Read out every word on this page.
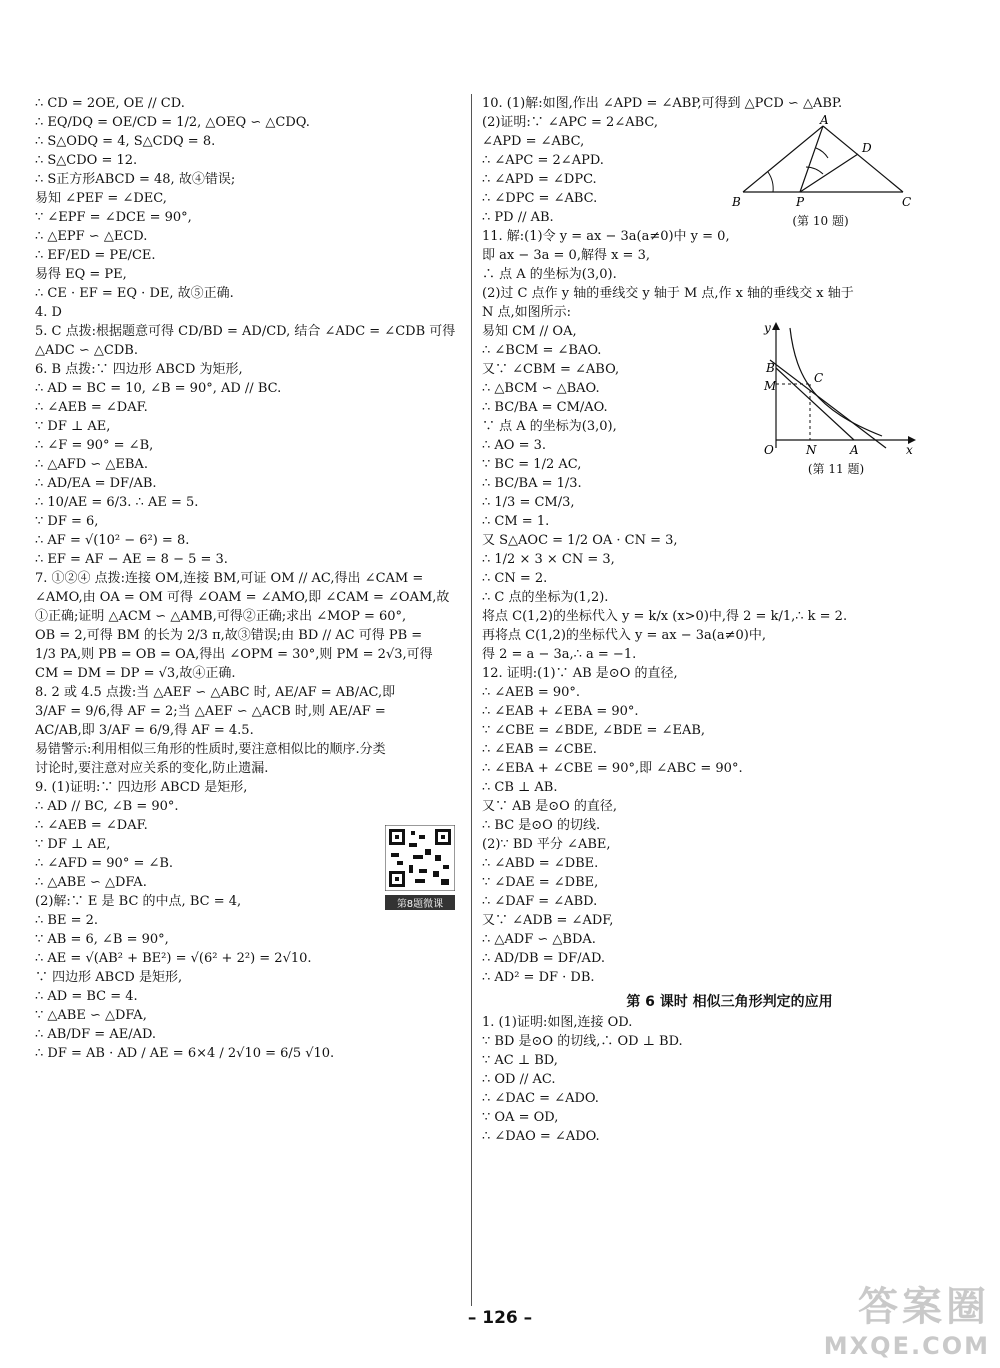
∴ CD = 2OE, OE // CD.
∴ EQ/DQ = OE/CD = 1/2, △OEQ ∽ △CDQ.
∴ S△ODQ = 4, S△CDQ = 8.
∴ S△CDO = 12.
∴ S正方形ABCD = 48, 故④错误;
易知 ∠PEF = ∠DEC,
∵ ∠EPF = ∠DCE = 90°,
∴ △EPF ∽ △ECD.
∴ EF/ED = PE/CE.
易得 EQ = PE,
∴ CE · EF = EQ · DE, 故⑤正确.
4. D
5. C 点拨:根据题意可得 CD/BD = AD/CD, 结合 ∠ADC = ∠CDB 可得
△ADC ∽ △CDB.
6. B 点拨:∵ 四边形 ABCD 为矩形,
∴ AD = BC = 10, ∠B = 90°, AD // BC.
∴ ∠AEB = ∠DAF.
∵ DF ⊥ AE,
∴ ∠F = 90° = ∠B,
∴ △AFD ∽ △EBA.
∴ AD/EA = DF/AB.
∴ 10/AE = 6/3. ∴ AE = 5.
∵ DF = 6,
∴ AF = √(10² − 6²) = 8.
∴ EF = AF − AE = 8 − 5 = 3.
7. ①②④ 点拨:连接 OM,连接 BM,可证 OM // AC,得出 ∠CAM =
∠AMO,由 OA = OM 可得 ∠OAM = ∠AMO,即 ∠CAM = ∠OAM,故
①正确;证明 △ACM ∽ △AMB,可得②正确;求出 ∠MOP = 60°,
OB = 2,可得 BM 的长为 2/3 π,故③错误;由 BD // AC 可得 PB =
1/3 PA,则 PB = OB = OA,得出 ∠OPM = 30°,则 PM = 2√3,可得
CM = DM = DP = √3,故④正确.
8. 2 或 4.5 点拨:当 △AEF ∽ △ABC 时, AE/AF = AB/AC,即
3/AF = 9/6,得 AF = 2;当 △AEF ∽ △ACB 时,则 AE/AF =
AC/AB,即 3/AF = 6/9,得 AF = 4.5.
易错警示:利用相似三角形的性质时,要注意相似比的顺序.分类
讨论时,要注意对应关系的变化,防止遗漏.
9. (1)证明:∵ 四边形 ABCD 是矩形,
∴ AD // BC, ∠B = 90°.
∴ ∠AEB = ∠DAF.
∵ DF ⊥ AE,
∴ ∠AFD = 90° = ∠B.
∴ △ABE ∽ △DFA.
(2)解:∵ E 是 BC 的中点, BC = 4,
∴ BE = 2.
∵ AB = 6, ∠B = 90°,
∴ AE = √(AB² + BE²) = √(6² + 2²) = 2√10.
∵ 四边形 ABCD 是矩形,
∴ AD = BC = 4.
∵ △ABE ∽ △DFA,
∴ AB/DF = AE/AD.
∴ DF = AB · AD / AE = 6×4 / 2√10 = 6/5 √10.
第8题微课
10. (1)解:如图,作出 ∠APD = ∠ABP,可得到 △PCD ∽ △ABP.
(2)证明:∵ ∠APC = 2∠ABC,
∠APD = ∠ABC,
∴ ∠APC = 2∠APD.
∴ ∠APD = ∠DPC.
∴ ∠DPC = ∠ABC.
∴ PD // AB.
11. 解:(1)令 y = ax − 3a(a≠0)中 y = 0,
即 ax − 3a = 0,解得 x = 3,
∴ 点 A 的坐标为(3,0).
(2)过 C 点作 y 轴的垂线交 y 轴于 M 点,作 x 轴的垂线交 x 轴于
N 点,如图所示:
易知 CM // OA,
∴ ∠BCM = ∠BAO.
又∵ ∠CBM = ∠ABO,
∴ △BCM ∽ △BAO.
∴ BC/BA = CM/AO.
∵ 点 A 的坐标为(3,0),
∴ AO = 3.
∵ BC = 1/2 AC,
∴ BC/BA = 1/3.
∴ 1/3 = CM/3,
∴ CM = 1.
又 S△AOC = 1/2 OA · CN = 3,
∴ 1/2 × 3 × CN = 3,
∴ CN = 2.
∴ C 点的坐标为(1,2).
将点 C(1,2)的坐标代入 y = k/x (x>0)中,得 2 = k/1,∴ k = 2.
再将点 C(1,2)的坐标代入 y = ax − 3a(a≠0)中,
得 2 = a − 3a,∴ a = −1.
12. 证明:(1)∵ AB 是⊙O 的直径,
∴ ∠AEB = 90°.
∴ ∠EAB + ∠EBA = 90°.
∵ ∠CBE = ∠BDE, ∠BDE = ∠EAB,
∴ ∠EAB = ∠CBE.
∴ ∠EBA + ∠CBE = 90°,即 ∠ABC = 90°.
∴ CB ⊥ AB.
又∵ AB 是⊙O 的直径,
∴ BC 是⊙O 的切线.
(2)∵ BD 平分 ∠ABE,
∴ ∠ABD = ∠DBE.
∵ ∠DAE = ∠DBE,
∴ ∠DAF = ∠ABD.
又∵ ∠ADB = ∠ADF,
∴ △ADF ∽ △BDA.
∴ AD/DB = DF/AD.
∴ AD² = DF · DB.
第 6 课时 相似三角形判定的应用
1. (1)证明:如图,连接 OD.
∵ BD 是⊙O 的切线,∴ OD ⊥ BD.
∵ AC ⊥ BD,
∴ OD // AC.
∴ ∠DAC = ∠ADO.
∵ OA = OD,
∴ ∠DAO = ∠ADO.
A
D
B	P	C
(第 10 题)
y
x
O
B
M
C
N	A
(第 11 题)
– 126 –	答案圈
MXQE.COM
